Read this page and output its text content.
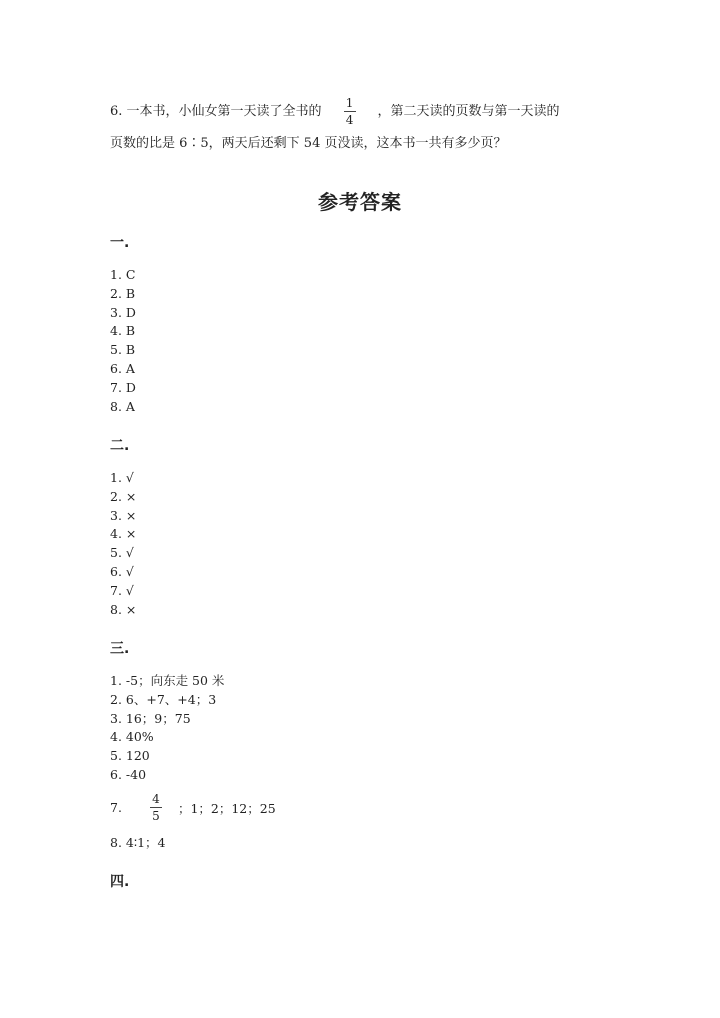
6. 一本书，小仙女第一天读了全书的 $\frac{1}{4}$ ，第二天读的页数与第一天读的
页数的比是 6∶5，两天后还剩下 54 页没读，这本书一共有多少页？
参考答案
一.
1. C
2. B
3. D
4. B
5. B
6. A
7. D
8. A
二.
1. √
2. ×
3. ×
4. ×
5. √
6. √
7. √
8. ×
三.
1. -5；向东走 50 米
2. 6、+7、+4；3
3. 16；9；75
4. 40%
5. 120
6. -40
7. $\frac{4}{5}$ ；1；2；12；25
8. 4∶1；4
四.
